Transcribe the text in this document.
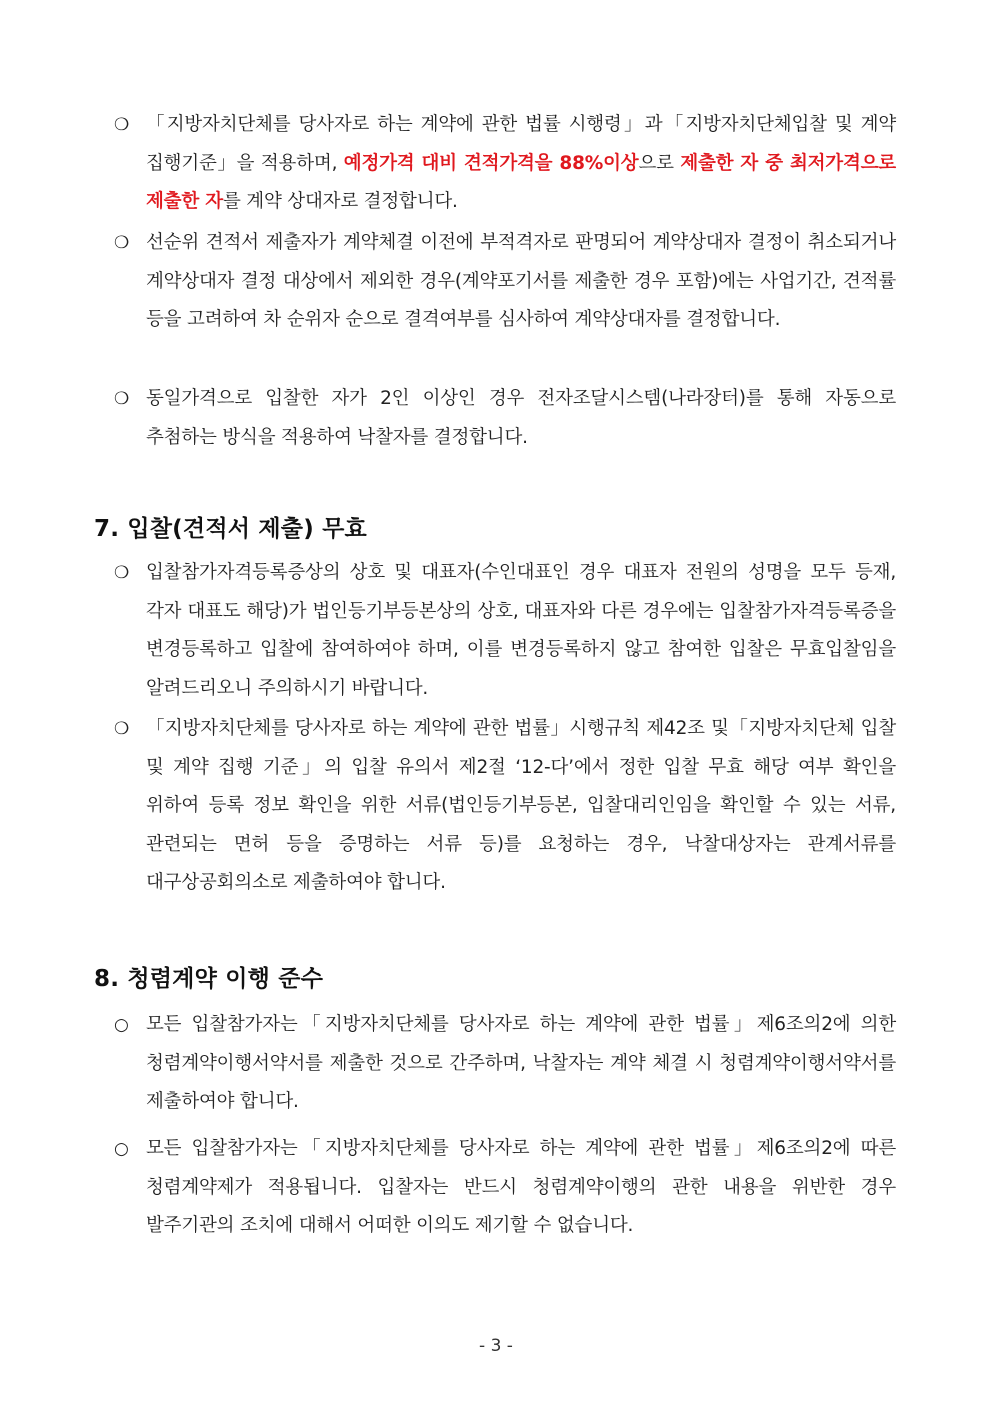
❍ 「지방자치단체를 당사자로 하는 계약에 관한 법률 시행령」과「지방자치단체입찰 및 계약 집행기준」을 적용하며, 예정가격 대비 견적가격을 88%이상으로 제출한 자 중 최저가격으로 제출한 자를 계약 상대자로 결정합니다.
❍ 선순위 견적서 제출자가 계약체결 이전에 부적격자로 판명되어 계약상대자 결정이 취소되거나 계약상대자 결정 대상에서 제외한 경우(계약포기서를 제출한 경우 포함)에는 사업기간, 견적률 등을 고려하여 차 순위자 순으로 결격여부를 심사하여 계약상대자를 결정합니다.
❍ 동일가격으로 입찰한 자가 2인 이상인 경우 전자조달시스템(나라장터)를 통해 자동으로 추첨하는 방식을 적용하여 낙찰자를 결정합니다.
7. 입찰(견적서 제출) 무효
❍ 입찰참가자격등록증상의 상호 및 대표자(수인대표인 경우 대표자 전원의 성명을 모두 등재, 각자 대표도 해당)가 법인등기부등본상의 상호, 대표자와 다른 경우에는 입찰참가자격등록증을 변경등록하고 입찰에 참여하여야 하며, 이를 변경등록하지 않고 참여한 입찰은 무효입찰임을 알려드리오니 주의하시기 바랍니다.
❍ 「지방자치단체를 당사자로 하는 계약에 관한 법률」시행규칙 제42조 및「지방자치단체 입찰 및 계약 집행 기준」의 입찰 유의서 제2절 ‘12-다’에서 정한 입찰 무효 해당 여부 확인을 위하여 등록 정보 확인을 위한 서류(법인등기부등본, 입찰대리인임을 확인할 수 있는 서류, 관련되는 면허 등을 증명하는 서류 등)를 요청하는 경우, 낙찰대상자는 관계서류를 대구상공회의소로 제출하여야 합니다.
8. 청렴계약 이행 준수
○ 모든 입찰참가자는「지방자치단체를 당사자로 하는 계약에 관한 법률」제6조의2에 의한 청렴계약이행서약서를 제출한 것으로 간주하며, 낙찰자는 계약 체결 시 청렴계약이행서약서를 제출하여야 합니다.
○ 모든 입찰참가자는「지방자치단체를 당사자로 하는 계약에 관한 법률」제6조의2에 따른 청렴계약제가 적용됩니다. 입찰자는 반드시 청렴계약이행의 관한 내용을 위반한 경우 발주기관의 조치에 대해서 어떠한 이의도 제기할 수 없습니다.
- 3 -
